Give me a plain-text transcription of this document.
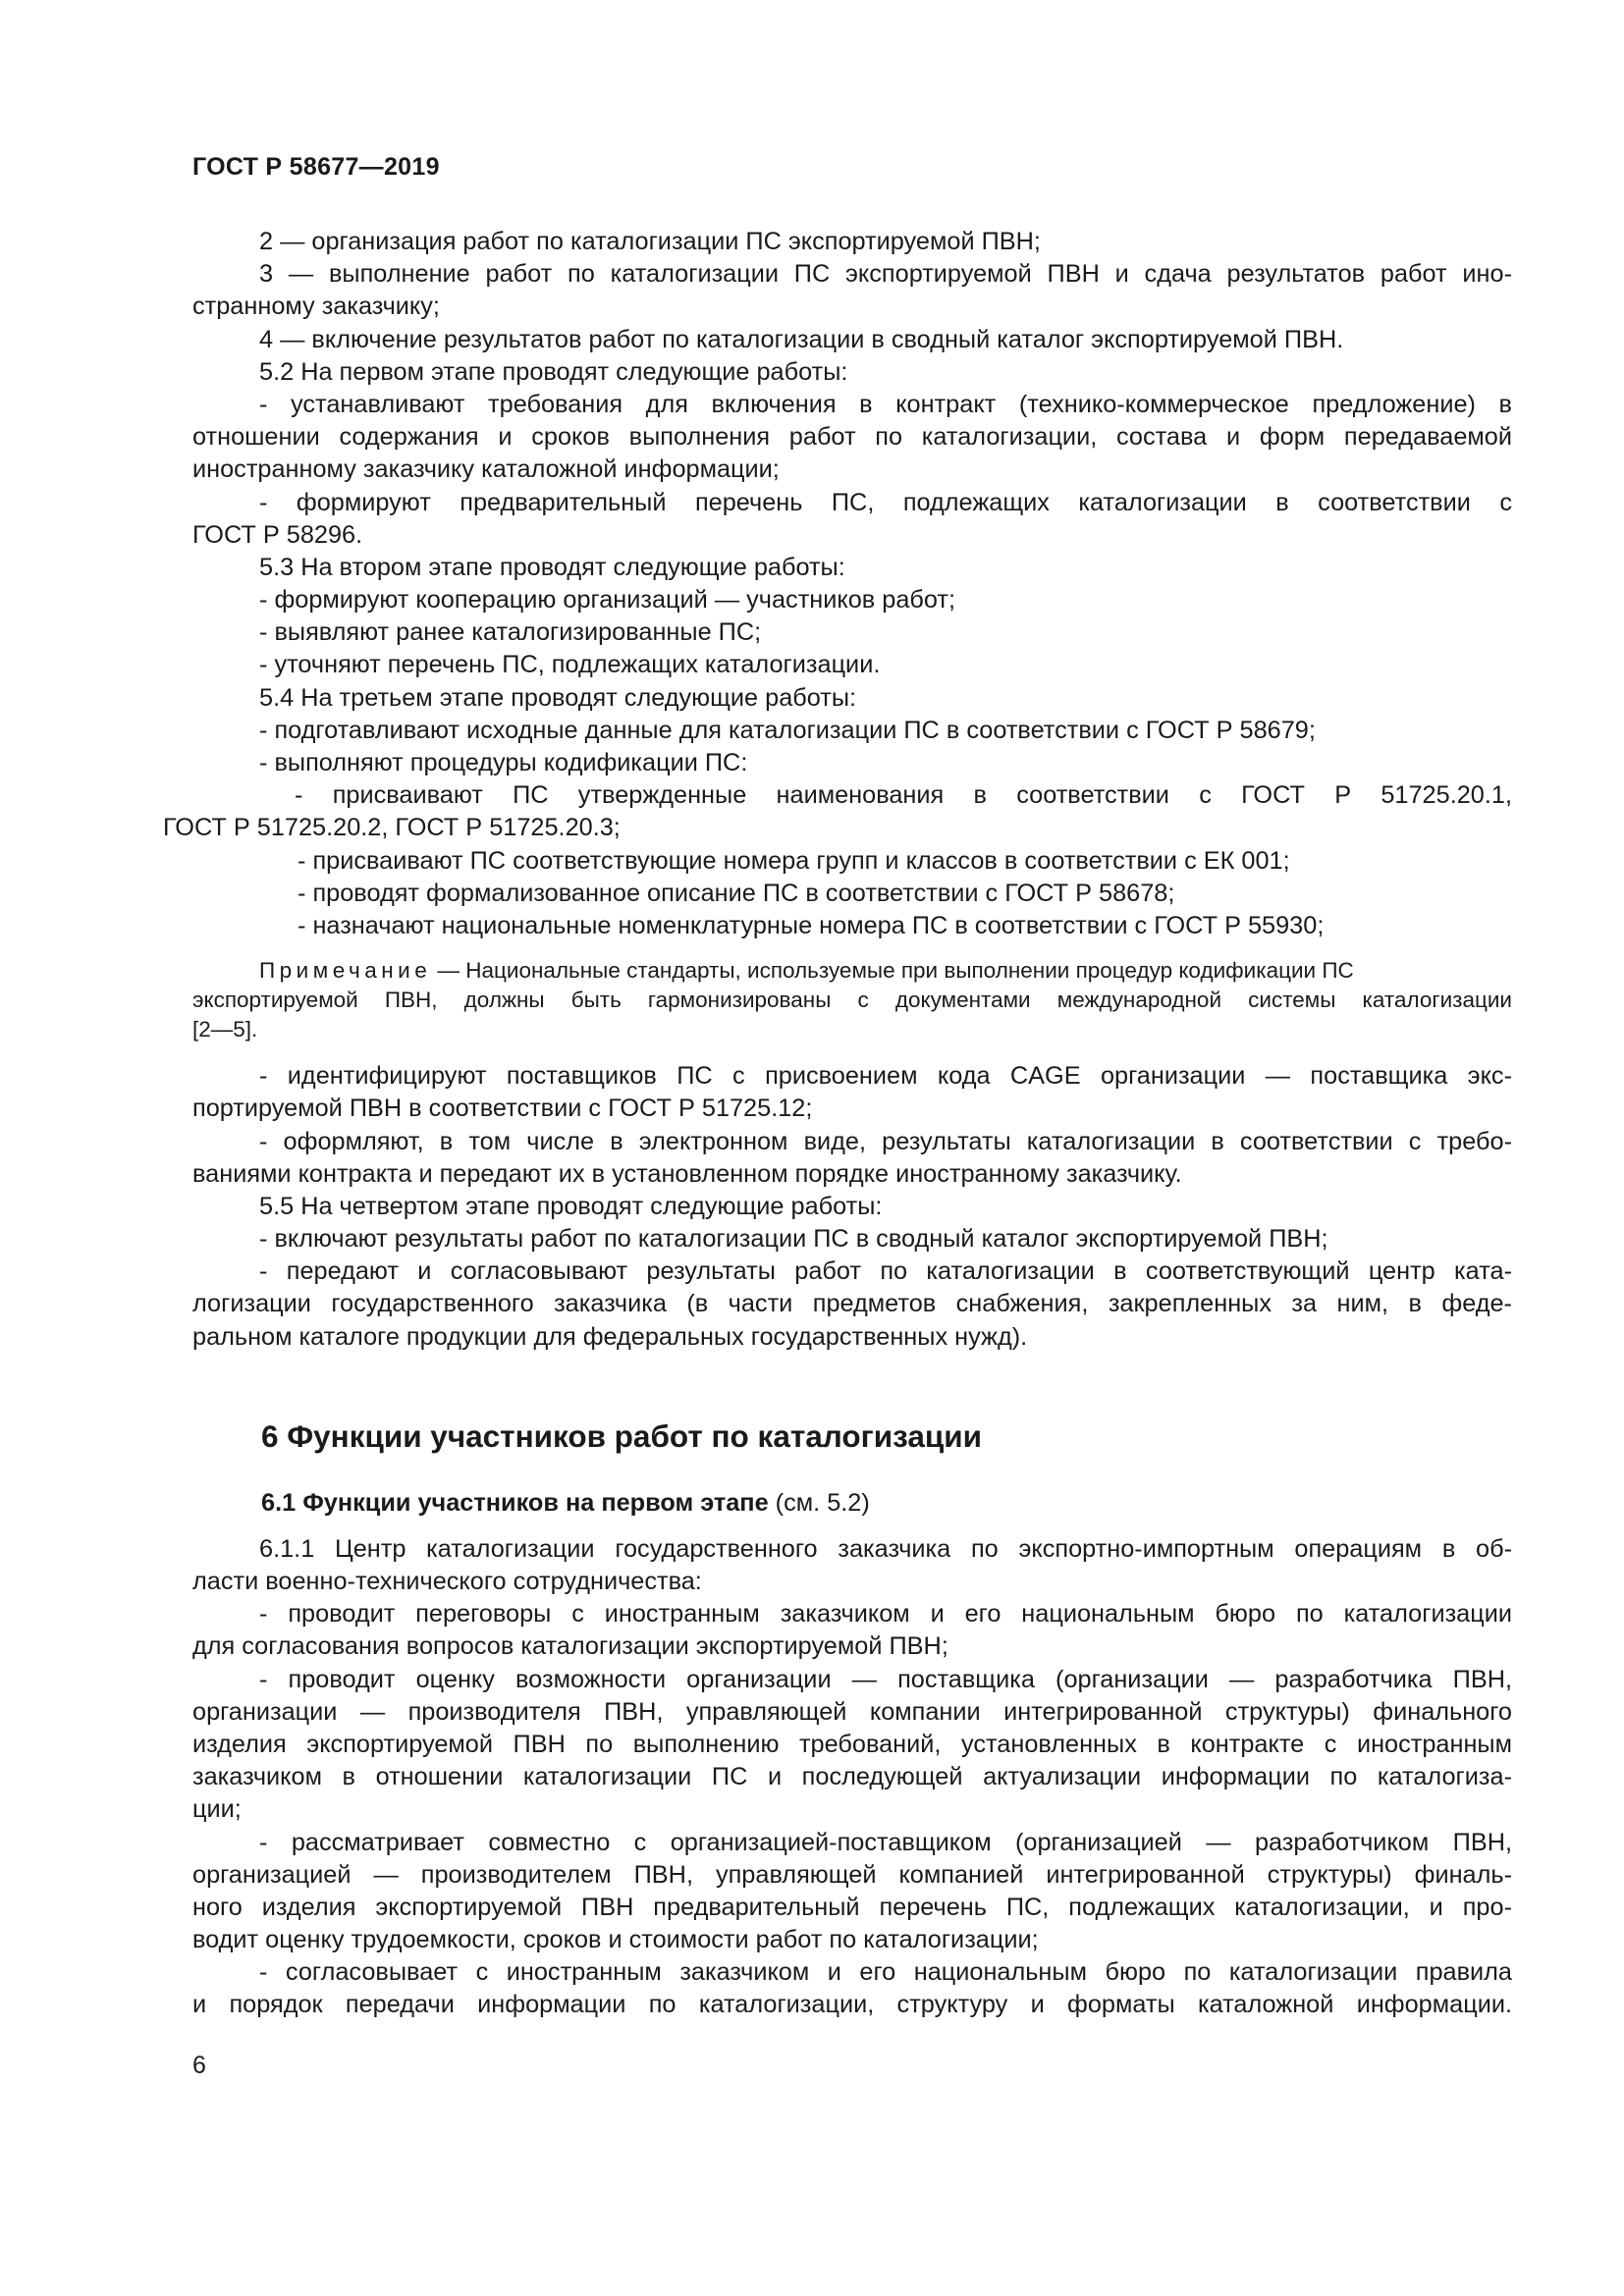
ГОСТ Р 58677—2019
2 — организация работ по каталогизации ПС экспортируемой ПВН;
3 — выполнение работ по каталогизации ПС экспортируемой ПВН и сдача результатов работ ино-
странному заказчику;
4 — включение результатов работ по каталогизации в сводный каталог экспортируемой ПВН.
5.2 На первом этапе проводят следующие работы:
- устанавливают требования для включения в контракт (технико-коммерческое предложение) в
отношении содержания и сроков выполнения работ по каталогизации, состава и форм передаваемой
иностранному заказчику каталожной информации;
- формируют предварительный перечень ПС, подлежащих каталогизации в соответствии с
ГОСТ Р 58296.
5.3 На втором этапе проводят следующие работы:
- формируют кооперацию организаций — участников работ;
- выявляют ранее каталогизированные ПС;
- уточняют перечень ПС, подлежащих каталогизации.
5.4 На третьем этапе проводят следующие работы:
- подготавливают исходные данные для каталогизации ПС в соответствии с ГОСТ Р 58679;
- выполняют процедуры кодификации ПС:
- присваивают ПС утвержденные наименования в соответствии с ГОСТ Р 51725.20.1,
ГОСТ Р 51725.20.2, ГОСТ Р 51725.20.3;
- присваивают ПС соответствующие номера групп и классов в соответствии с ЕК 001;
- проводят формализованное описание ПС в соответствии с ГОСТ Р 58678;
- назначают национальные номенклатурные номера ПС в соответствии с ГОСТ Р 55930;
Примечание — Национальные стандарты, используемые при выполнении процедур кодификации ПС
экспортируемой ПВН, должны быть гармонизированы с документами международной системы каталогизации
[2—5].
- идентифицируют поставщиков ПС с присвоением кода CAGE организации — поставщика экс-
портируемой ПВН в соответствии с ГОСТ Р 51725.12;
- оформляют, в том числе в электронном виде, результаты каталогизации в соответствии с требо-
ваниями контракта и передают их в установленном порядке иностранному заказчику.
5.5 На четвертом этапе проводят следующие работы:
- включают результаты работ по каталогизации ПС в сводный каталог экспортируемой ПВН;
- передают и согласовывают результаты работ по каталогизации в соответствующий центр ката-
логизации государственного заказчика (в части предметов снабжения, закрепленных за ним, в феде-
ральном каталоге продукции для федеральных государственных нужд).
6 Функции участников работ по каталогизации
6.1 Функции участников на первом этапе (см. 5.2)
6.1.1 Центр каталогизации государственного заказчика по экспортно-импортным операциям в об-
ласти военно-технического сотрудничества:
- проводит переговоры с иностранным заказчиком и его национальным бюро по каталогизации
для согласования вопросов каталогизации экспортируемой ПВН;
- проводит оценку возможности организации — поставщика (организации — разработчика ПВН,
организации — производителя ПВН, управляющей компании интегрированной структуры) финального
изделия экспортируемой ПВН по выполнению требований, установленных в контракте с иностранным
заказчиком в отношении каталогизации ПС и последующей актуализации информации по каталогиза-
ции;
- рассматривает совместно с организацией-поставщиком (организацией — разработчиком ПВН,
организацией — производителем ПВН, управляющей компанией интегрированной структуры) финаль-
ного изделия экспортируемой ПВН предварительный перечень ПС, подлежащих каталогизации, и про-
водит оценку трудоемкости, сроков и стоимости работ по каталогизации;
- согласовывает с иностранным заказчиком и его национальным бюро по каталогизации правила
и порядок передачи информации по каталогизации, структуру и форматы каталожной информации.
6
